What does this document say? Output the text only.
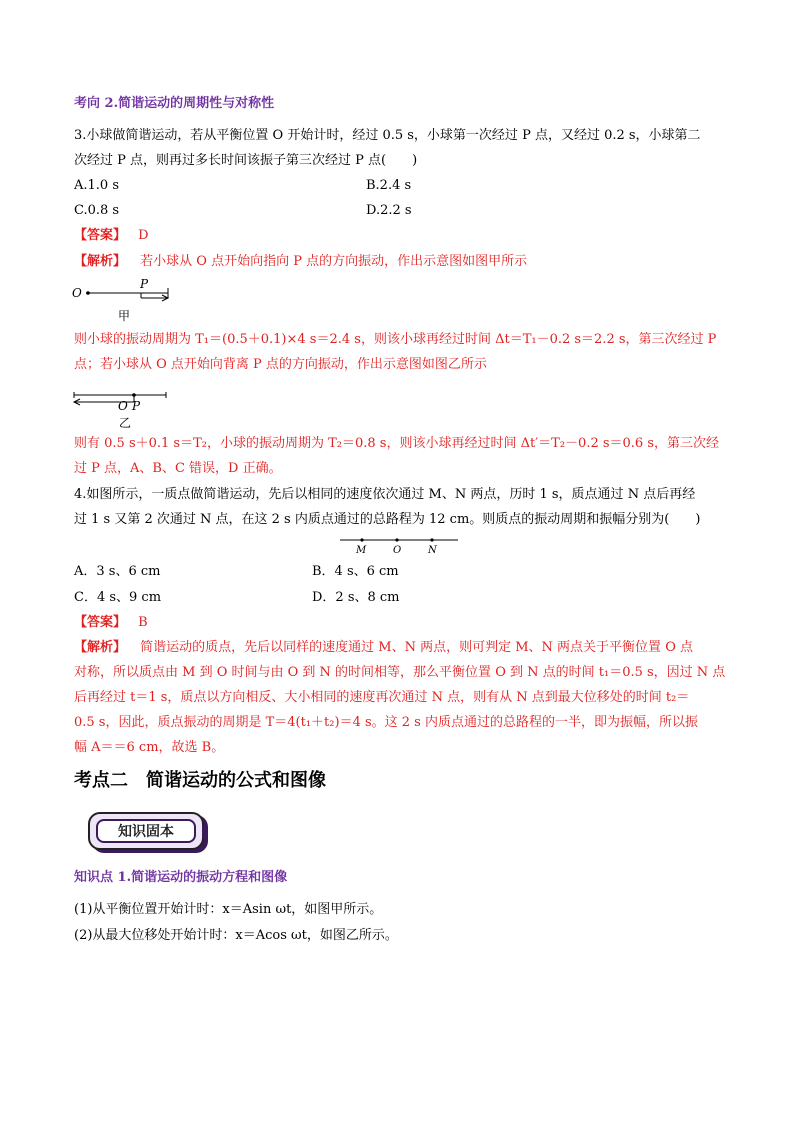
考向 2.简谐运动的周期性与对称性
3.小球做简谐运动，若从平衡位置 O 开始计时，经过 0.5 s，小球第一次经过 P 点，又经过 0.2 s，小球第二
次经过 P 点，则再过多长时间该振子第三次经过 P 点(　　)
A.1.0 s	B.2.4 s
C.0.8 s	D.2.2 s
【答案】 D
【解析】 若小球从 O 点开始向指向 P 点的方向振动，作出示意图如图甲所示
O
P
甲
则小球的振动周期为 T₁＝(0.5＋0.1)×4 s＝2.4 s，则该小球再经过时间 Δt＝T₁－0.2 s＝2.2 s，第三次经过 P
点；若小球从 O 点开始向背离 P 点的方向振动，作出示意图如图乙所示
O P
乙
则有 0.5 s＋0.1 s＝T₂，小球的振动周期为 T₂＝0.8 s，则该小球再经过时间 Δt′＝T₂－0.2 s＝0.6 s，第三次经
过 P 点，A、B、C 错误，D 正确。
4.如图所示，一质点做简谐运动，先后以相同的速度依次通过 M、N 两点，历时 1 s，质点通过 N 点后再经
过 1 s 又第 2 次通过 N 点，在这 2 s 内质点通过的总路程为 12 cm。则质点的振动周期和振幅分别为(　　)
M	O	N
A．3 s、6 cm	B．4 s、6 cm
C．4 s、9 cm	D．2 s、8 cm
【答案】 B
【解析】 简谐运动的质点，先后以同样的速度通过 M、N 两点，则可判定 M、N 两点关于平衡位置 O 点
对称，所以质点由 M 到 O 时间与由 O 到 N 的时间相等，那么平衡位置 O 到 N 点的时间 t₁＝0.5 s，因过 N 点
后再经过 t＝1 s，质点以方向相反、大小相同的速度再次通过 N 点，则有从 N 点到最大位移处的时间 t₂＝
0.5 s，因此，质点振动的周期是 T＝4(t₁＋t₂)＝4 s。这 2 s 内质点通过的总路程的一半，即为振幅，所以振
幅 A＝＝6 cm，故选 B。
考点二　简谐运动的公式和图像
知识固本
知识点 1.简谐运动的振动方程和图像
(1)从平衡位置开始计时：x＝Asin ωt，如图甲所示。
(2)从最大位移处开始计时：x＝Acos ωt，如图乙所示。
